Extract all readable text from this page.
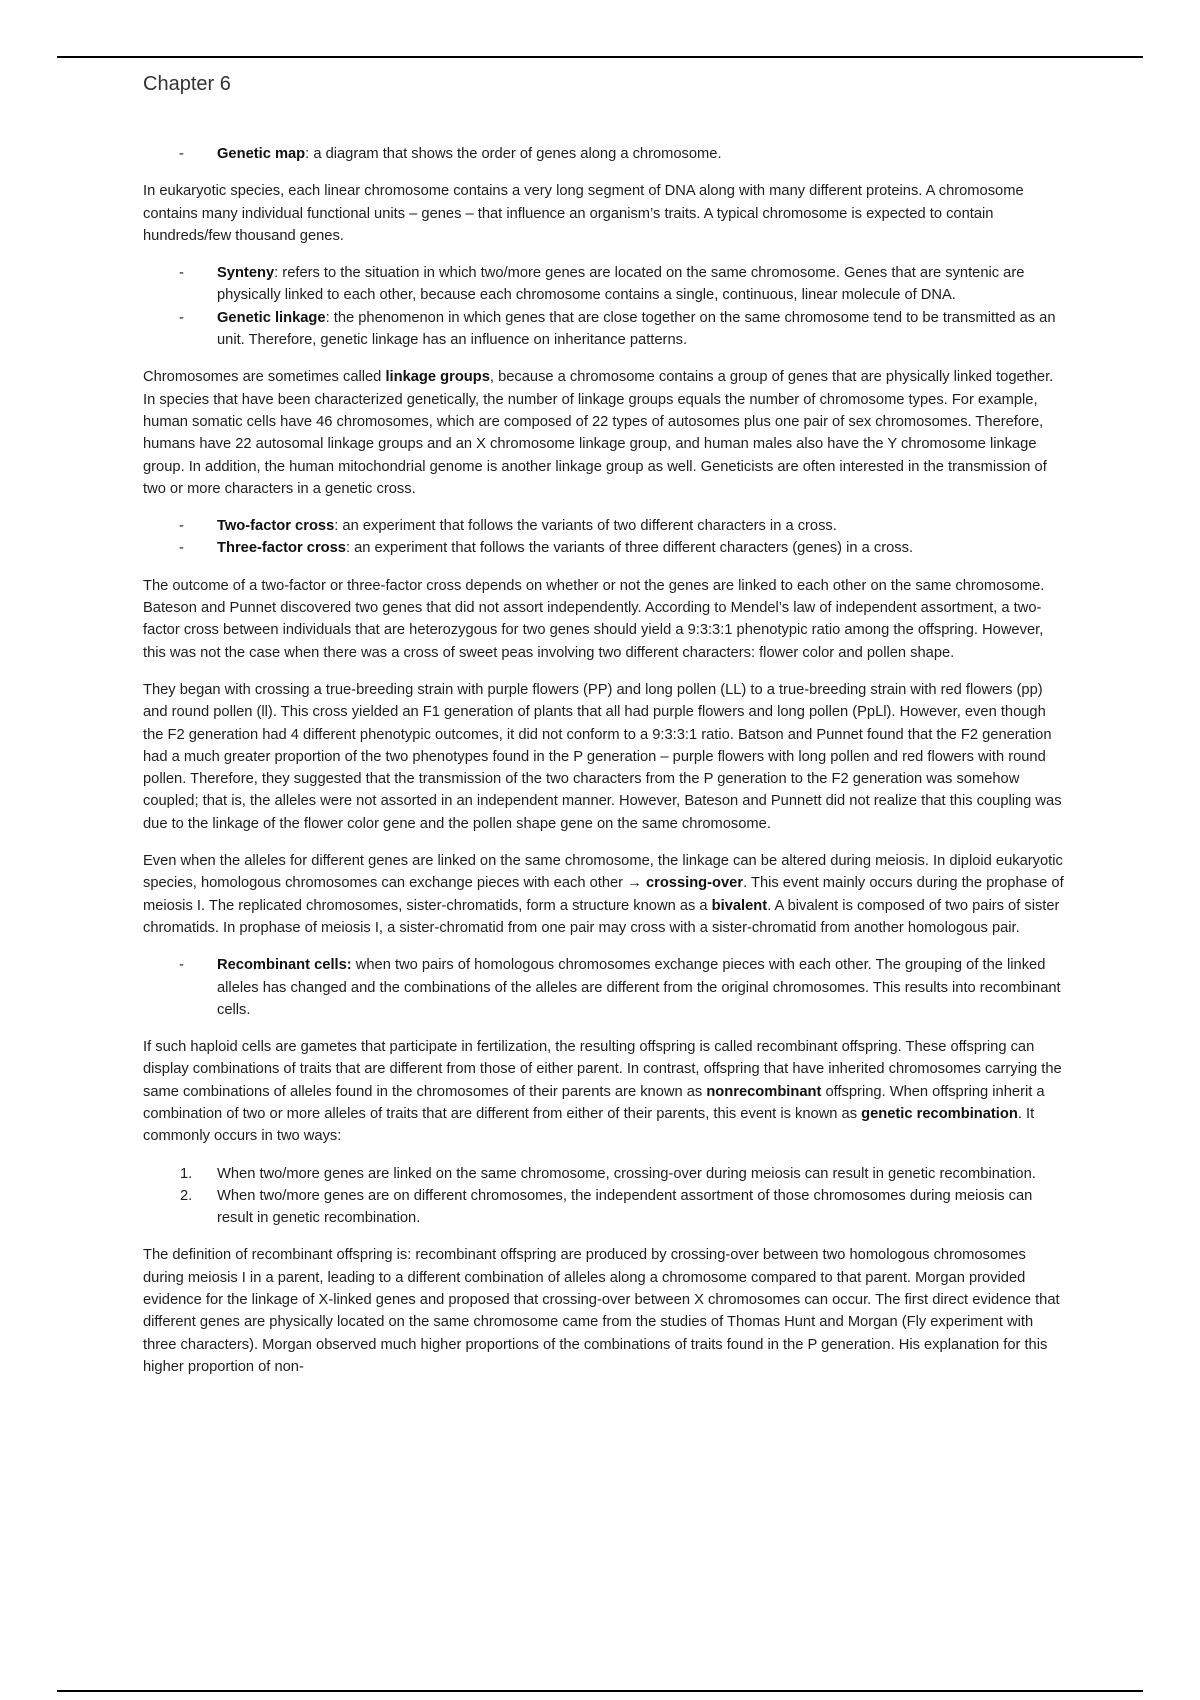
Chapter 6
- Genetic map: a diagram that shows the order of genes along a chromosome.

In eukaryotic species, each linear chromosome contains a very long segment of DNA along with many different proteins. A chromosome contains many individual functional units – genes – that influence an organism’s traits. A typical chromosome is expected to contain hundreds/few thousand genes.

- Synteny: refers to the situation in which two/more genes are located on the same chromosome. Genes that are syntenic are physically linked to each other, because each chromosome contains a single, continuous, linear molecule of DNA.
- Genetic linkage: the phenomenon in which genes that are close together on the same chromosome tend to be transmitted as an unit. Therefore, genetic linkage has an influence on inheritance patterns.

Chromosomes are sometimes called linkage groups, because a chromosome contains a group of genes that are physically linked together. In species that have been characterized genetically, the number of linkage groups equals the number of chromosome types. For example, human somatic cells have 46 chromosomes, which are composed of 22 types of autosomes plus one pair of sex chromosomes. Therefore, humans have 22 autosomal linkage groups and an X chromosome linkage group, and human males also have the Y chromosome linkage group. In addition, the human mitochondrial genome is another linkage group as well. Geneticists are often interested in the transmission of two or more characters in a genetic cross.

- Two-factor cross: an experiment that follows the variants of two different characters in a cross.
- Three-factor cross: an experiment that follows the variants of three different characters (genes) in a cross.

The outcome of a two-factor or three-factor cross depends on whether or not the genes are linked to each other on the same chromosome. Bateson and Punnet discovered two genes that did not assort independently. According to Mendel’s law of independent assortment, a two-factor cross between individuals that are heterozygous for two genes should yield a 9:3:3:1 phenotypic ratio among the offspring. However, this was not the case when there was a cross of sweet peas involving two different characters: flower color and pollen shape.

They began with crossing a true-breeding strain with purple flowers (PP) and long pollen (LL) to a true-breeding strain with red flowers (pp) and round pollen (ll). This cross yielded an F1 generation of plants that all had purple flowers and long pollen (PpLl). However, even though the F2 generation had 4 different phenotypic outcomes, it did not conform to a 9:3:3:1 ratio. Batson and Punnet found that the F2 generation had a much greater proportion of the two phenotypes found in the P generation – purple flowers with long pollen and red flowers with round pollen. Therefore, they suggested that the transmission of the two characters from the P generation to the F2 generation was somehow coupled; that is, the alleles were not assorted in an independent manner. However, Bateson and Punnett did not realize that this coupling was due to the linkage of the flower color gene and the pollen shape gene on the same chromosome.

Even when the alleles for different genes are linked on the same chromosome, the linkage can be altered during meiosis. In diploid eukaryotic species, homologous chromosomes can exchange pieces with each other → crossing-over. This event mainly occurs during the prophase of meiosis I. The replicated chromosomes, sister-chromatids, form a structure known as a bivalent. A bivalent is composed of two pairs of sister chromatids. In prophase of meiosis I, a sister-chromatid from one pair may cross with a sister-chromatid from another homologous pair.

- Recombinant cells: when two pairs of homologous chromosomes exchange pieces with each other. The grouping of the linked alleles has changed and the combinations of the alleles are different from the original chromosomes. This results into recombinant cells.

If such haploid cells are gametes that participate in fertilization, the resulting offspring is called recombinant offspring. These offspring can display combinations of traits that are different from those of either parent. In contrast, offspring that have inherited chromosomes carrying the same combinations of alleles found in the chromosomes of their parents are known as nonrecombinant offspring. When offspring inherit a combination of two or more alleles of traits that are different from either of their parents, this event is known as genetic recombination. It commonly occurs in two ways:

1. When two/more genes are linked on the same chromosome, crossing-over during meiosis can result in genetic recombination.
2. When two/more genes are on different chromosomes, the independent assortment of those chromosomes during meiosis can result in genetic recombination.

The definition of recombinant offspring is: recombinant offspring are produced by crossing-over between two homologous chromosomes during meiosis I in a parent, leading to a different combination of alleles along a chromosome compared to that parent. Morgan provided evidence for the linkage of X-linked genes and proposed that crossing-over between X chromosomes can occur. The first direct evidence that different genes are physically located on the same chromosome came from the studies of Thomas Hunt and Morgan (Fly experiment with three characters). Morgan observed much higher proportions of the combinations of traits found in the P generation. His explanation for this higher proportion of non-
